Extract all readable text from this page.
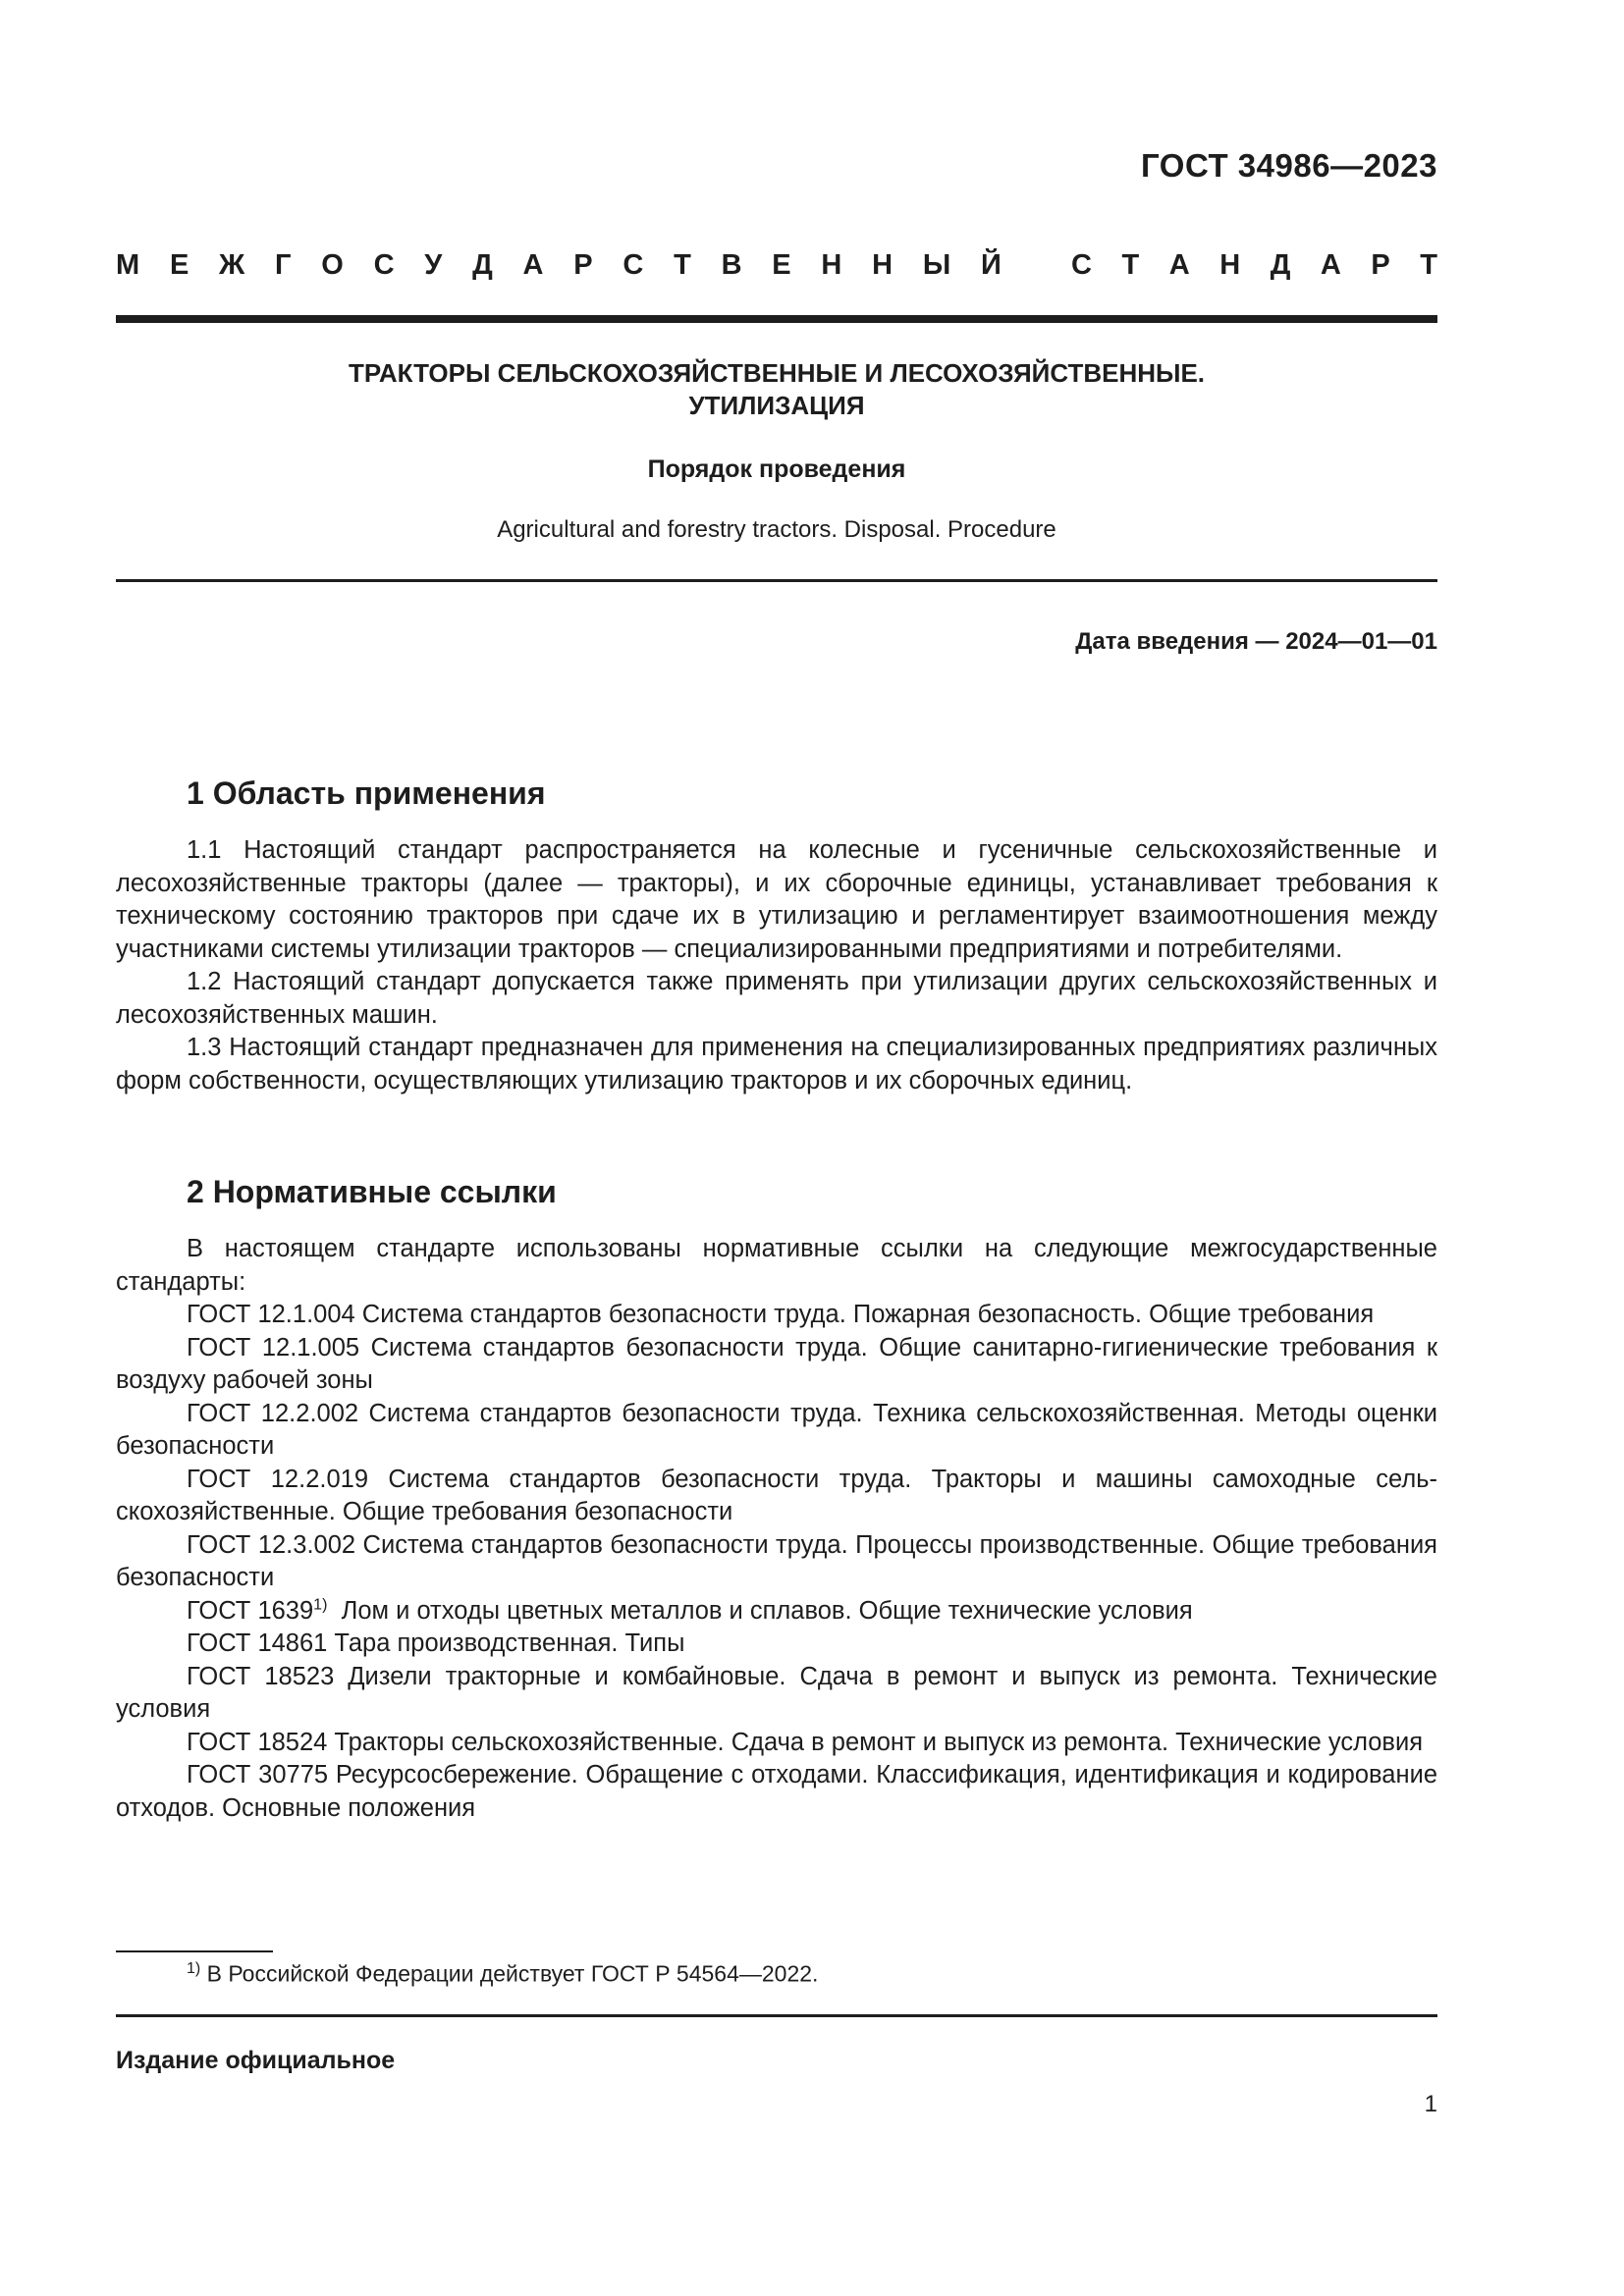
ГОСТ 34986—2023
М Е Ж Г О С У Д А Р С Т В Е Н Н Ы Й С Т А Н Д А Р Т
ТРАКТОРЫ СЕЛЬСКОХОЗЯЙСТВЕННЫЕ И ЛЕСОХОЗЯЙСТВЕННЫЕ.
УТИЛИЗАЦИЯ
Порядок проведения
Agricultural and forestry tractors. Disposal. Procedure
Дата введения — 2024—01—01
1 Область применения

1.1 Настоящий стандарт распространяется на колесные и гусеничные сельскохозяйственные и лесохозяйственные тракторы (далее — тракторы), и их сборочные единицы, устанавливает требования к техническому состоянию тракторов при сдаче их в утилизацию и регламентирует взаимоотношения между участниками системы утилизации тракторов — специализированными предприятиями и потребителями.

1.2 Настоящий стандарт допускается также применять при утилизации других сельскохозяйственных и лесохозяйственных машин.

1.3 Настоящий стандарт предназначен для применения на специализированных предприятиях различных форм собственности, осуществляющих утилизацию тракторов и их сборочных единиц.

2 Нормативные ссылки

В настоящем стандарте использованы нормативные ссылки на следующие межгосударственные стандарты:

ГОСТ 12.1.004 Система стандартов безопасности труда. Пожарная безопасность. Общие требования

ГОСТ 12.1.005 Система стандартов безопасности труда. Общие санитарно-гигиенические требования к воздуху рабочей зоны

ГОСТ 12.2.002 Система стандартов безопасности труда. Техника сельскохозяйственная. Методы оценки безопасности

ГОСТ 12.2.019 Система стандартов безопасности труда. Тракторы и машины самоходные сельскохозяйственные. Общие требования безопасности

ГОСТ 12.3.002 Система стандартов безопасности труда. Процессы производственные. Общие требования безопасности

ГОСТ 1639$^{1)}$ Лом и отходы цветных металлов и сплавов. Общие технические условия

ГОСТ 14861 Тара производственная. Типы

ГОСТ 18523 Дизели тракторные и комбайновые. Сдача в ремонт и выпуск из ремонта. Технические условия

ГОСТ 18524 Тракторы сельскохозяйственные. Сдача в ремонт и выпуск из ремонта. Технические условия

ГОСТ 30775 Ресурсосбережение. Обращение с отходами. Классификация, идентификация и кодирование отходов. Основные положения

$^{1)}$ В Российской Федерации действует ГОСТ Р 54564—2022.
Издание официальное
1
